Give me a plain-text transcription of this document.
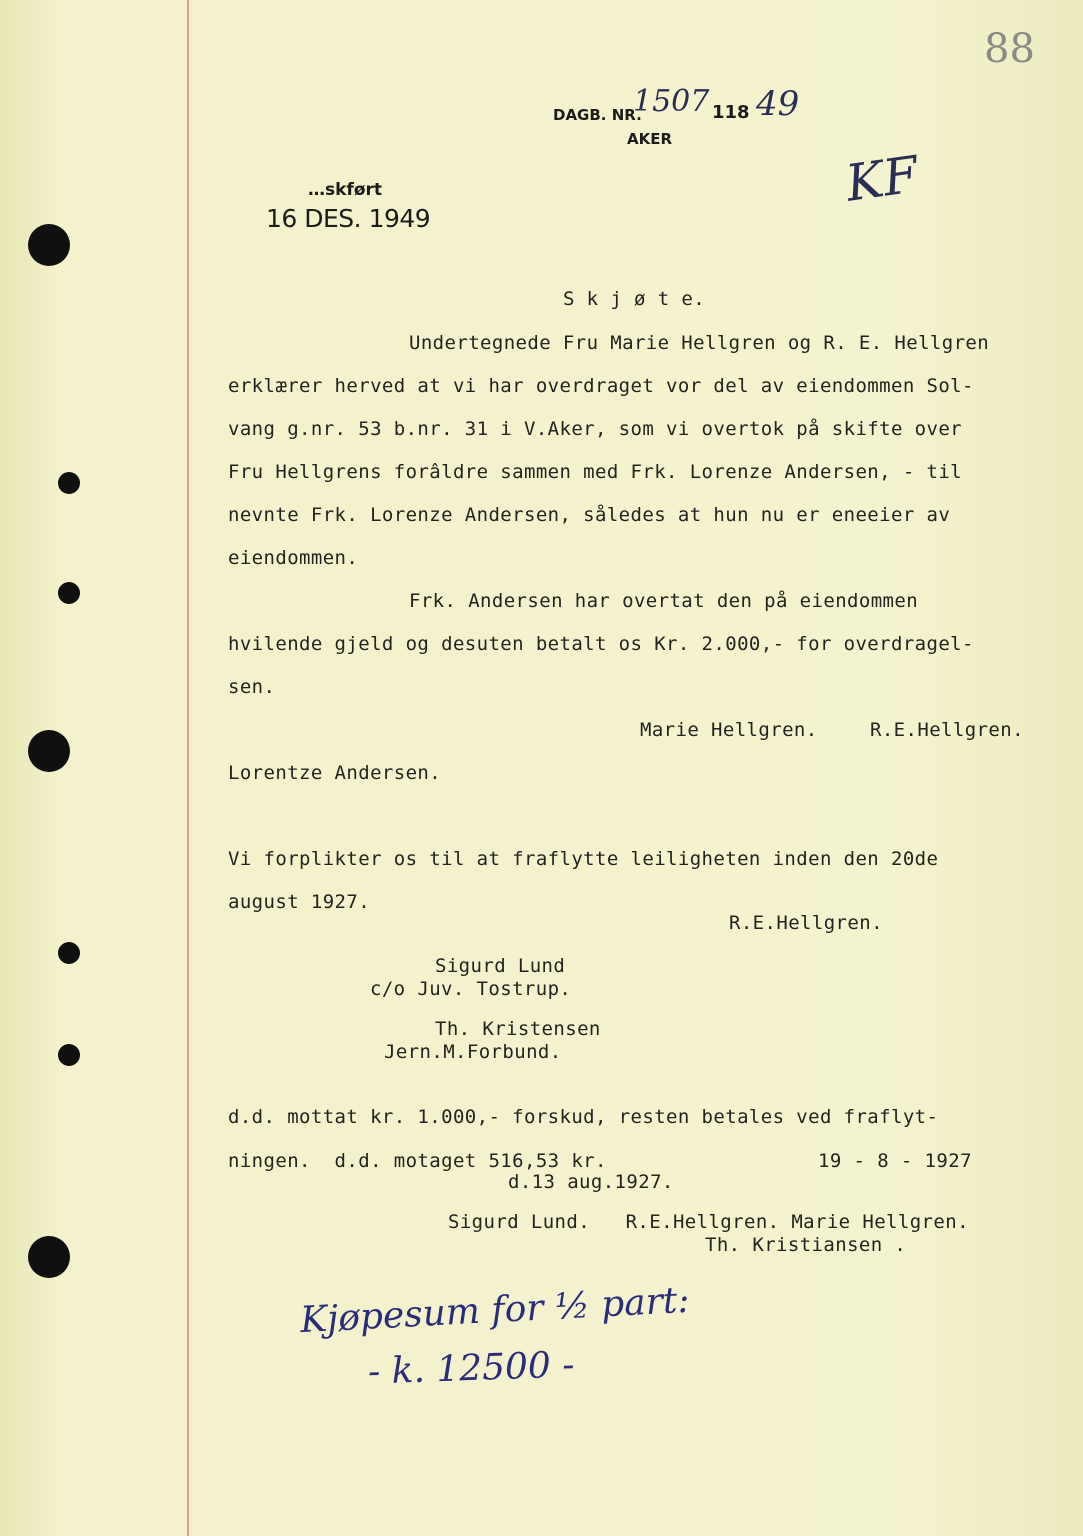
88
DAGB. NR.
1507 118 49
AKER
…skført
16 DES. 1949
KF
S k j ø t e.
Undertegnede Fru Marie Hellgren og R. E. Hellgren
erklærer herved at vi har overdraget vor del av eiendommen Sol-
vang g.nr. 53 b.nr. 31 i V.Aker, som vi overtok på skifte over
Fru Hellgrens forâldre sammen med Frk. Lorenze Andersen, - til
nevnte Frk. Lorenze Andersen, således at hun nu er eneeier av
eiendommen.
Frk. Andersen har overtat den på eiendommen
hvilende gjeld og desuten betalt os Kr. 2.000,- for overdragel-
sen.
Marie Hellgren.	R.E.Hellgren.
Lorentze Andersen.
Vi forplikter os til at fraflytte leiligheten inden den 20de
august 1927.
R.E.Hellgren.
Sigurd Lund
c/o Juv. Tostrup.
Th. Kristensen
Jern.M.Forbund.
d.d. mottat kr. 1.000,- forskud, resten betales ved fraflyt-
ningen.  d.d. motaget 516,53 kr.	19 - 8 - 1927
d.13 aug.1927.
Sigurd Lund.   R.E.Hellgren. Marie Hellgren.
Th. Kristiansen .
Kjøpesum for ½ part:
- k. 12500 -
